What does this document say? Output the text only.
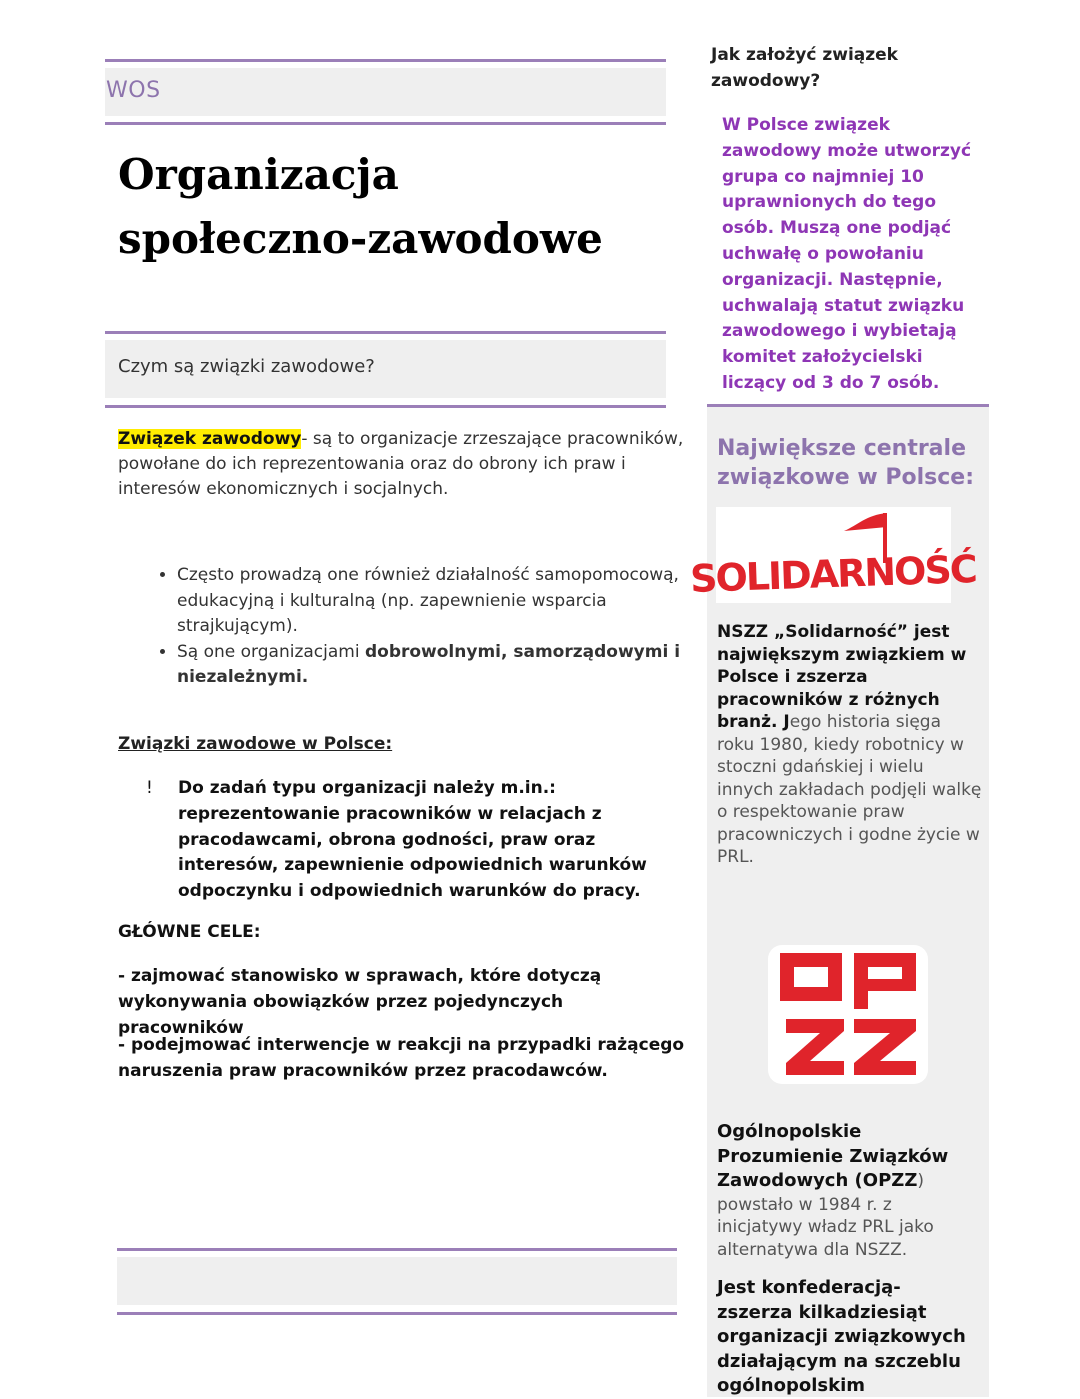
WOS
Organizacja społeczno-zawodowe
Czym są związki zawodowe?

Związek zawodowy- są to organizacje zrzeszające pracowników, powołane do ich reprezentowania oraz do obrony ich praw i interesów ekonomicznych i socjalnych.

• Często prowadzą one również działalność samopomocową, edukacyjną i kulturalną (np. zapewnienie wsparcia strajkującym).
• Są one organizacjami dobrowolnymi, samorządowymi i niezależnymi.
Związki zawodowe w Polsce:
! Do zadań typu organizacji należy m.in.: reprezentowanie pracowników w relacjach z pracodawcami, obrona godności, praw oraz interesów, zapewnienie odpowiednich warunków odpoczynku i odpowiednich warunków do pracy.
GŁÓWNE CELE:

- zajmować stanowisko w sprawach, które dotyczą wykonywania obowiązków przez pojedynczych pracowników

- podejmować interwencje w reakcji na przypadki rażącego naruszenia praw pracowników przez pracodawców.

Jak założyć związek zawodowy?

W Polsce związek zawodowy może utworzyć grupa co najmniej 10 uprawnionych do tego osób. Muszą one podjąć uchwałę o powołaniu organizacji. Następnie, uchwalają statut związku zawodowego i wybietają komitet założycielski liczący od 3 do 7 osób.

Największe centrale związkowe w Polsce:

SOLIDARNOŚĆ

NSZZ „Solidarność” jest największym związkiem w Polsce i zszerza pracowników z różnych branż. Jego historia sięga roku 1980, kiedy robotnicy w stoczni gdańskiej i wielu innych zakładach podjęli walkę o respektowanie praw pracowniczych i godne życie w PRL.

OPZZ

Ogólnopolskie Prozumienie Związków Zawodowych (OPZZ) powstało w 1984 r. z inicjatywy władz PRL jako alternatywa dla NSZZ.

Jest konfederacją- zszerza kilkadziesiąt organizacji związkowych działającym na szczeblu ogólnopolskim
